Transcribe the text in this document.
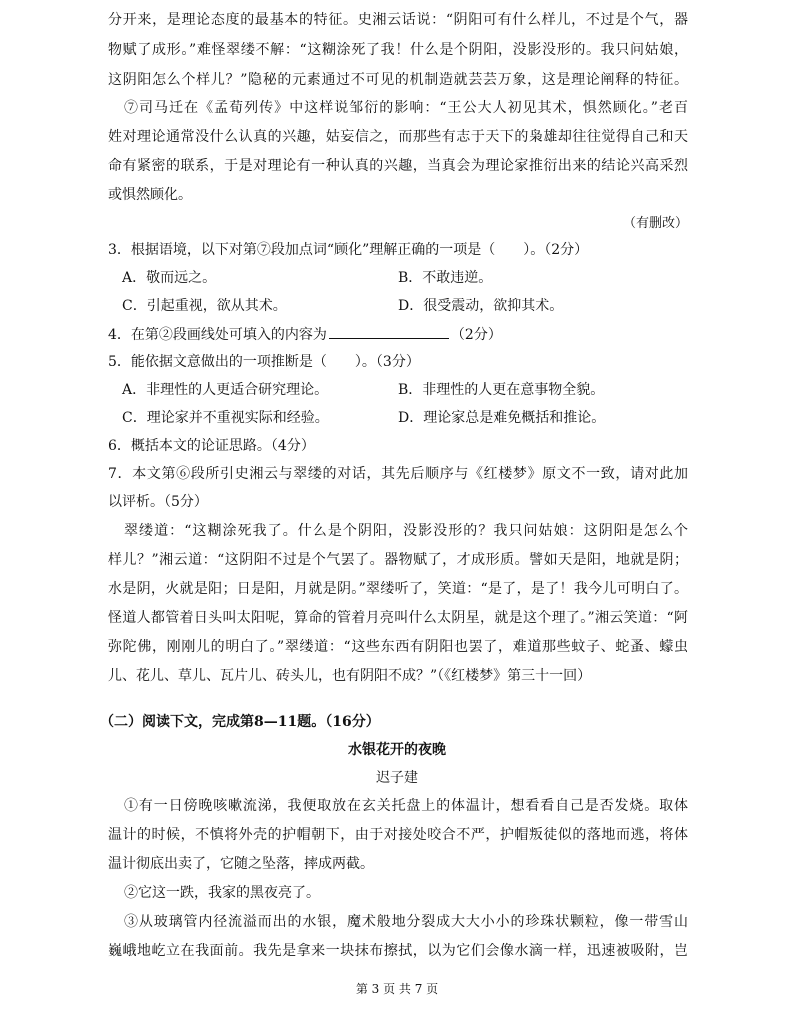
分开来，是理论态度的最基本的特征。史湘云话说：“阴阳可有什么样儿，不过是个气，器
物赋了成形。”难怪翠缕不解：“这糊涂死了我！什么是个阴阳，没影没形的。我只问姑娘，
这阴阳怎么个样儿？”隐秘的元素通过不可见的机制造就芸芸万象，这是理论阐释的特征。
⑦司马迁在《孟荀列传》中这样说邹衍的影响：“王公大人初见其术，惧然顾化。”老百
姓对理论通常没什么认真的兴趣，姑妄信之，而那些有志于天下的枭雄却往往觉得自己和天
命有紧密的联系，于是对理论有一种认真的兴趣，当真会为理论家推衍出来的结论兴高采烈
或惧然顾化。
（有删改）
3．根据语境，以下对第⑦段加点词“顾化”理解正确的一项是（　　）。（2分）
A．敬而远之。	B．不敢违逆。
C．引起重视，欲从其术。	D．很受震动，欲抑其术。
4．在第②段画线处可填入的内容为	（2分）
5．能依据文意做出的一项推断是（　　）。（3分）
A．非理性的人更适合研究理论。	B．非理性的人更在意事物全貌。
C．理论家并不重视实际和经验。	D．理论家总是难免概括和推论。
6．概括本文的论证思路。（4分）
7．本文第⑥段所引史湘云与翠缕的对话，其先后顺序与《红楼梦》原文不一致，请对此加
以评析。（5分）
翠缕道：“这糊涂死我了。什么是个阴阳，没影没形的？我只问姑娘：这阴阳是怎么个
样儿？”湘云道：“这阴阳不过是个气罢了。器物赋了，才成形质。譬如天是阳，地就是阴；
水是阴，火就是阳；日是阳，月就是阴。”翠缕听了，笑道：“是了，是了！我今儿可明白了。
怪道人都管着日头叫太阳呢，算命的管着月亮叫什么太阴星，就是这个理了。”湘云笑道：“阿
弥陀佛，刚刚儿的明白了。”翠缕道：“这些东西有阴阳也罢了，难道那些蚊子、蛇蚤、蠓虫
儿、花儿、草儿、瓦片儿、砖头儿，也有阴阳不成？”（《红楼梦》第三十一回）
（二）阅读下文，完成第8—11题。（16分）
水银花开的夜晚
迟子建
①有一日傍晚咳嗽流涕，我便取放在玄关托盘上的体温计，想看看自己是否发烧。取体
温计的时候，不慎将外壳的护帽朝下，由于对接处咬合不严，护帽叛徒似的落地而逃，将体
温计彻底出卖了，它随之坠落，摔成两截。
②它这一跌，我家的黑夜亮了。
③从玻璃管内径流溢而出的水银，魔术般地分裂成大大小小的珍珠状颗粒，像一带雪山
巍峨地屹立在我面前。我先是拿来一块抹布擦拭，以为它们会像水滴一样，迅速被吸附，岂
第 3 页 共 7 页
